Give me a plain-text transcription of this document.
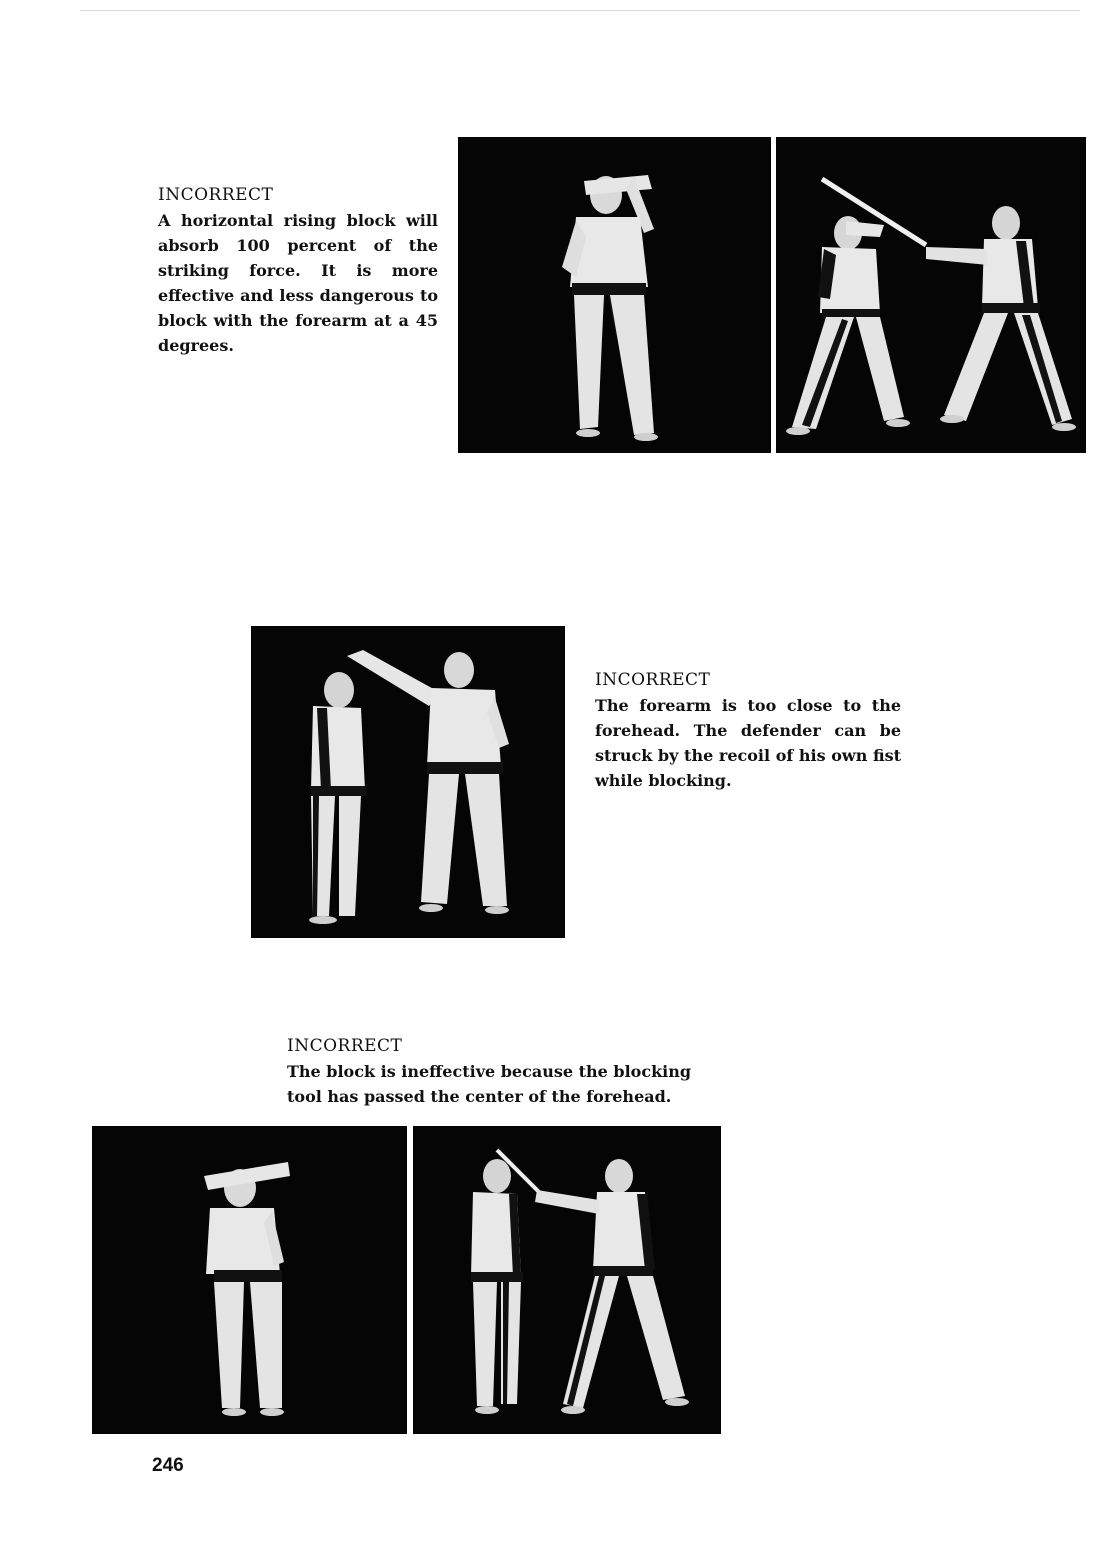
INCORRECT
A horizontal rising block will absorb 100 percent of the striking force. It is more effective and less dangerous to block with the forearm at a 45 degrees.
INCORRECT
The forearm is too close to the forehead. The defender can be struck by the recoil of his own fist while blocking.
INCORRECT
The block is ineffective because the blocking tool has passed the center of the forehead.
246
